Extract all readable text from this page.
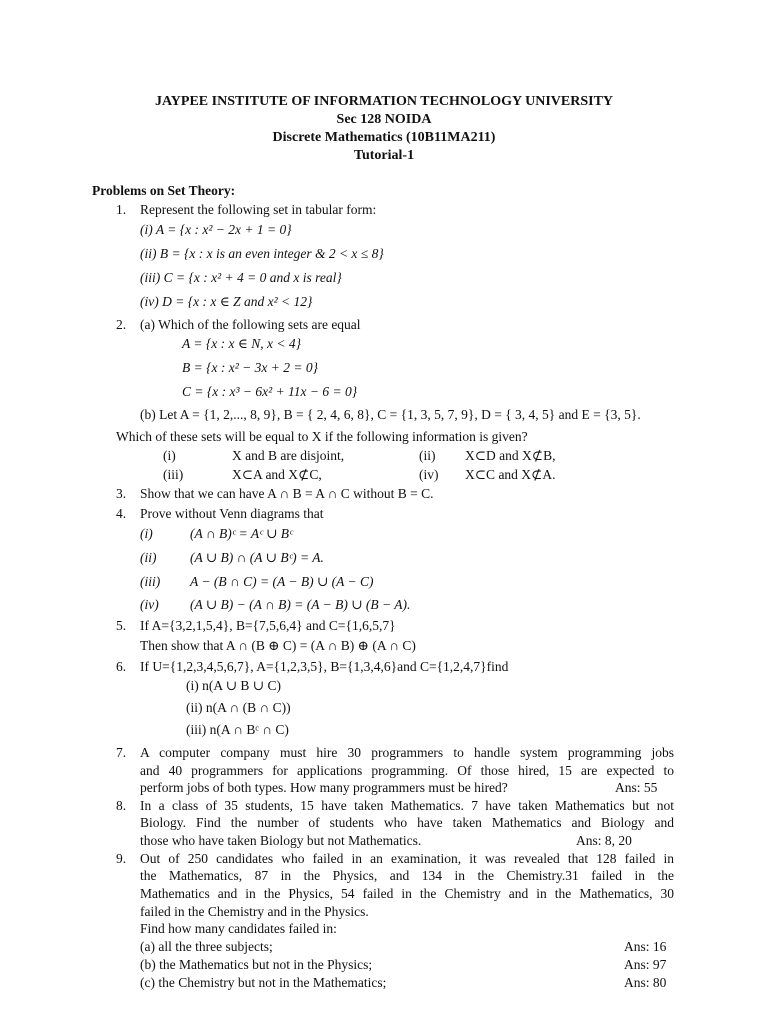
JAYPEE INSTITUTE OF INFORMATION TECHNOLOGY UNIVERSITY
Sec 128 NOIDA
Discrete Mathematics (10B11MA211)
Tutorial-1
Problems on Set Theory:
1. Represent the following set in tabular form:
(i) A = {x : x² − 2x + 1 = 0}
(ii) B = {x : x is an even integer & 2 < x ≤ 8}
(iii) C = {x : x² + 4 = 0 and x is real}
(iv) D = {x : x ∈ Z and x² < 12}
2. (a) Which of the following sets are equal
A = {x : x ∈ N, x < 4}
B = {x : x² − 3x + 2 = 0}
C = {x : x³ − 6x² + 11x − 6 = 0}
(b) Let A = {1, 2,..., 8, 9}, B = { 2, 4, 6, 8}, C = {1, 3, 5, 7, 9}, D = { 3, 4, 5} and E = {3, 5}.
Which of these sets will be equal to X if the following information is given?
(i)	X and B are disjoint,	(ii) X⊂D and X⊄B,
(iii)	X⊂A and X⊄C,	(iv) X⊂C and X⊄A.
3. Show that we can have A ∩ B = A ∩ C without B = C.
4. Prove without Venn diagrams that
(i)	(A ∩ B)ᶜ = Aᶜ ∪ Bᶜ
(ii) (A ∪ B) ∩ (A ∪ Bᶜ) = A.
(iii) A − (B ∩ C) = (A − B) ∪ (A − C)
(iv) (A ∪ B) − (A ∩ B) = (A − B) ∪ (B − A).
5. If A={3,2,1,5,4}, B={7,5,6,4} and C={1,6,5,7}
Then show that A ∩ (B ⊕ C) = (A ∩ B) ⊕ (A ∩ C)
6. If U={1,2,3,4,5,6,7}, A={1,2,3,5}, B={1,3,4,6}and C={1,2,4,7}find
(i) n(A ∪ B ∪ C)
(ii) n(A ∩ (B ∩ C))
(iii) n(A ∩ Bᶜ ∩ C)
7. A computer company must hire 30 programmers to handle system programming jobs
and 40 programmers for applications programming. Of those hired, 15 are expected to
perform jobs of both types. How many programmers must be hired?	Ans: 55
8. In a class of 35 students, 15 have taken Mathematics. 7 have taken Mathematics but not
Biology. Find the number of students who have taken Mathematics and Biology and
those who have taken Biology but not Mathematics.	Ans: 8, 20
9. Out of 250 candidates who failed in an examination, it was revealed that 128 failed in
the Mathematics, 87 in the Physics, and 134 in the Chemistry.31 failed in the
Mathematics and in the Physics, 54 failed in the Chemistry and in the Mathematics, 30
failed in the Chemistry and in the Physics.
Find how many candidates failed in:
(a) all the three subjects;	Ans: 16
(b) the Mathematics but not in the Physics;	Ans: 97
(c) the Chemistry but not in the Mathematics;	Ans: 80
